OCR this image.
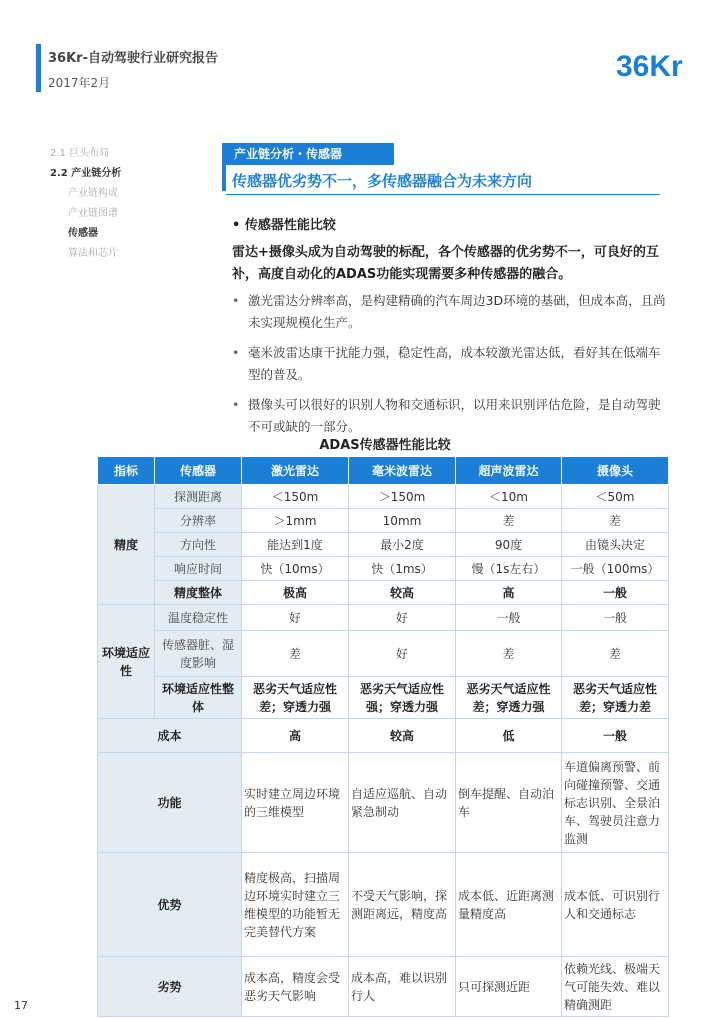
36Kr-自动驾驶行业研究报告
2017年2月	36Kr
2.1 巨头布局
2.2 产业链分析
产业链构成
产业链图谱
传感器
算法和芯片
产业链分析・传感器
传感器优劣势不一，多传感器融合为未来方向
• 传感器性能比较
雷达+摄像头成为自动驾驶的标配，各个传感器的优劣势不一，可良好的互补，高度自动化的ADAS功能实现需要多种传感器的融合。
• 激光雷达分辨率高，是构建精确的汽车周边3D环境的基础，但成本高，且尚未实现规模化生产。
• 毫米波雷达康干扰能力强，稳定性高，成本较激光雷达低，看好其在低端车型的普及。
• 摄像头可以很好的识别人物和交通标识，以用来识别评估危险，是自动驾驶不可或缺的一部分。
ADAS传感器性能比较
指标	传感器	激光雷达	毫米波雷达	超声波雷达	摄像头
精度	探测距离	＜150m	＞150m	＜10m	＜50m
	分辨率	＞1mm	10mm	差	差
	方向性	能达到1度	最小2度	90度	由镜头决定
	响应时间	快（10ms）	快（1ms）	慢（1s左右）	一般（100ms）
	精度整体	极高	较高	高	一般
环境适应性	温度稳定性	好	好	一般	一般
	传感器脏、湿度影响	差	好	差	差
	环境适应性整体	恶劣天气适应性差；穿透力强	恶劣天气适应性强；穿透力强	恶劣天气适应性差；穿透力强	恶劣天气适应性差；穿透力差
成本		高	较高	低	一般
功能		实时建立周边环境的三维模型	自适应巡航、自动紧急制动	倒车提醒、自动泊车	车道偏离预警、前向碰撞预警、交通标志识别、全景泊车、驾驶员注意力监测
优势		精度极高，扫描周边环境实时建立三维模型的功能暂无完美替代方案	不受天气影响，探测距离远，精度高	成本低、近距离测量精度高	成本低、可识别行人和交通标志
劣势		成本高，精度会受恶劣天气影响	成本高，难以识别行人	只可探测近距	依赖光线、极端天气可能失效、难以精确测距
17
